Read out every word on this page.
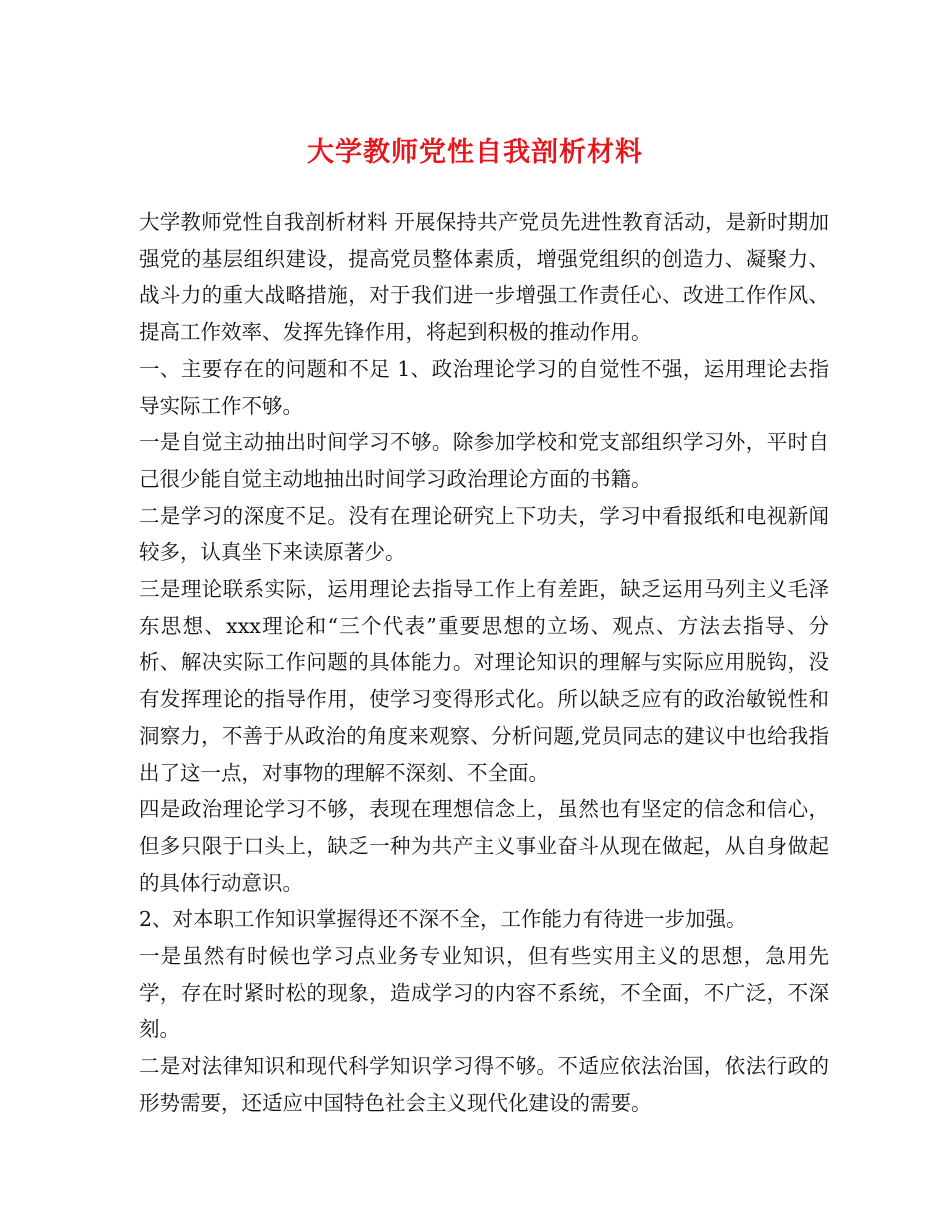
大学教师党性自我剖析材料

大学教师党性自我剖析材料 开展保持共产党员先进性教育活动，是新时期加强党的基层组织建设，提高党员整体素质，增强党组织的创造力、凝聚力、战斗力的重大战略措施，对于我们进一步增强工作责任心、改进工作作风、提高工作效率、发挥先锋作用，将起到积极的推动作用。

一、主要存在的问题和不足 1、政治理论学习的自觉性不强，运用理论去指导实际工作不够。

一是自觉主动抽出时间学习不够。除参加学校和党支部组织学习外，平时自己很少能自觉主动地抽出时间学习政治理论方面的书籍。

二是学习的深度不足。没有在理论研究上下功夫，学习中看报纸和电视新闻较多，认真坐下来读原著少。

三是理论联系实际，运用理论去指导工作上有差距，缺乏运用马列主义毛泽东思想、xxx理论和“三个代表”重要思想的立场、观点、方法去指导、分析、解决实际工作问题的具体能力。对理论知识的理解与实际应用脱钩，没有发挥理论的指导作用，使学习变得形式化。所以缺乏应有的政治敏锐性和洞察力，不善于从政治的角度来观察、分析问题,党员同志的建议中也给我指出了这一点，对事物的理解不深刻、不全面。

四是政治理论学习不够，表现在理想信念上，虽然也有坚定的信念和信心，但多只限于口头上，缺乏一种为共产主义事业奋斗从现在做起，从自身做起的具体行动意识。

2、对本职工作知识掌握得还不深不全，工作能力有待进一步加强。

一是虽然有时候也学习点业务专业知识，但有些实用主义的思想，急用先学，存在时紧时松的现象，造成学习的内容不系统，不全面，不广泛，不深刻。

二是对法律知识和现代科学知识学习得不够。不适应依法治国，依法行政的形势需要，还适应中国特色社会主义现代化建设的需要。
